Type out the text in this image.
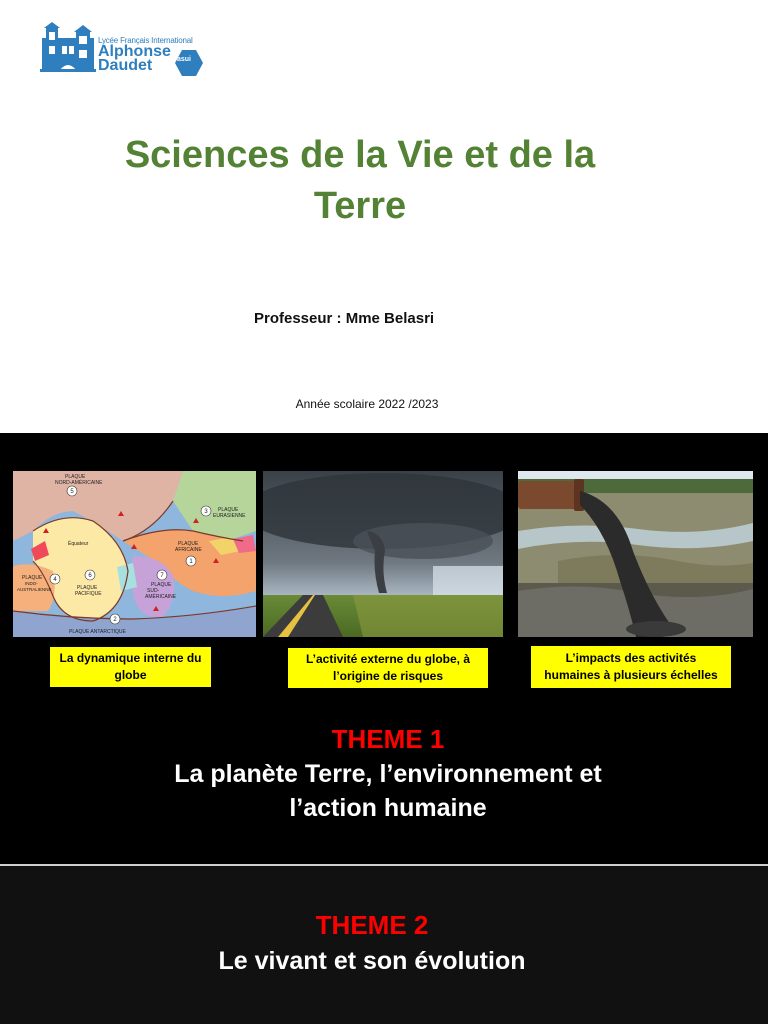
Lycée Français International
Alphonse
Daudet	asui
Sciences de la Vie et de la
Terre
Professeur : Mme Belasri
Année scolaire 2022 /2023
PLAQUE
NORD-AMÉRICAINE
PLAQUE
EURASIENNE
PLAQUE
AFRICAINE
Équateur
PLAQUE
INDO-
AUSTRALIENNE	PLAQUE
PACIFIQUE
PLAQUE
SUD-
AMÉRICAINE
PLAQUE ANTARCTIQUE
5
3
1
4
6	7
2
La dynamique interne du
globe
L’activité externe du globe, à
l’origine de risques
L’impacts des activités
humaines à plusieurs échelles
THEME 1
La planète Terre, l’environnement et
l’action humaine
THEME 2
Le vivant et son évolution
